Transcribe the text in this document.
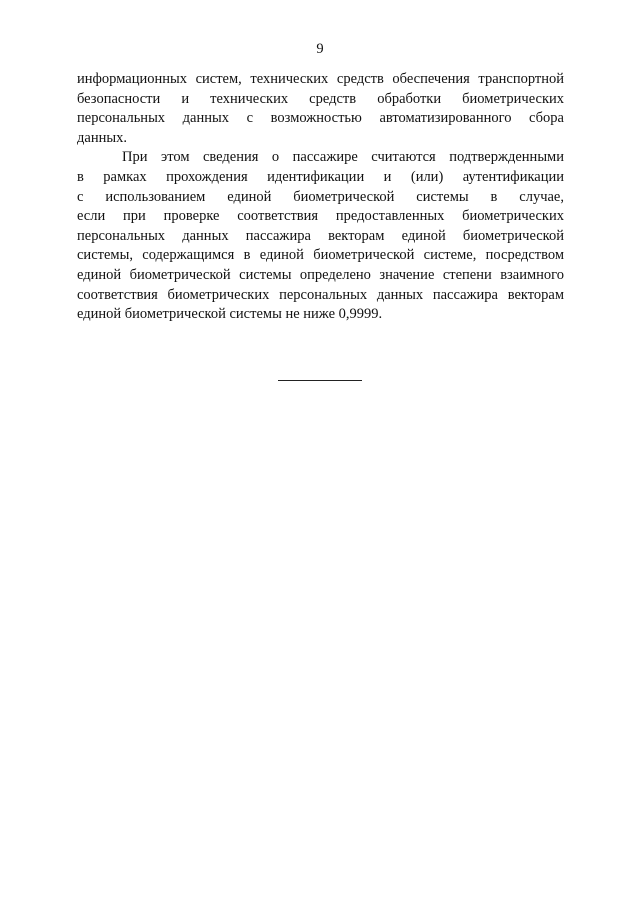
9
информационных систем, технических средств обеспечения транспортной
безопасности и технических средств обработки биометрических
персональных данных с возможностью автоматизированного сбора
данных.
При этом сведения о пассажире считаются подтвержденными
в рамках прохождения идентификации и (или) аутентификации
с использованием единой биометрической системы в случае,
если при проверке соответствия предоставленных биометрических
персональных данных пассажира векторам единой биометрической
системы, содержащимся в единой биометрической системе, посредством
единой биометрической системы определено значение степени взаимного
соответствия биометрических персональных данных пассажира векторам
единой биометрической системы не ниже 0,9999.
